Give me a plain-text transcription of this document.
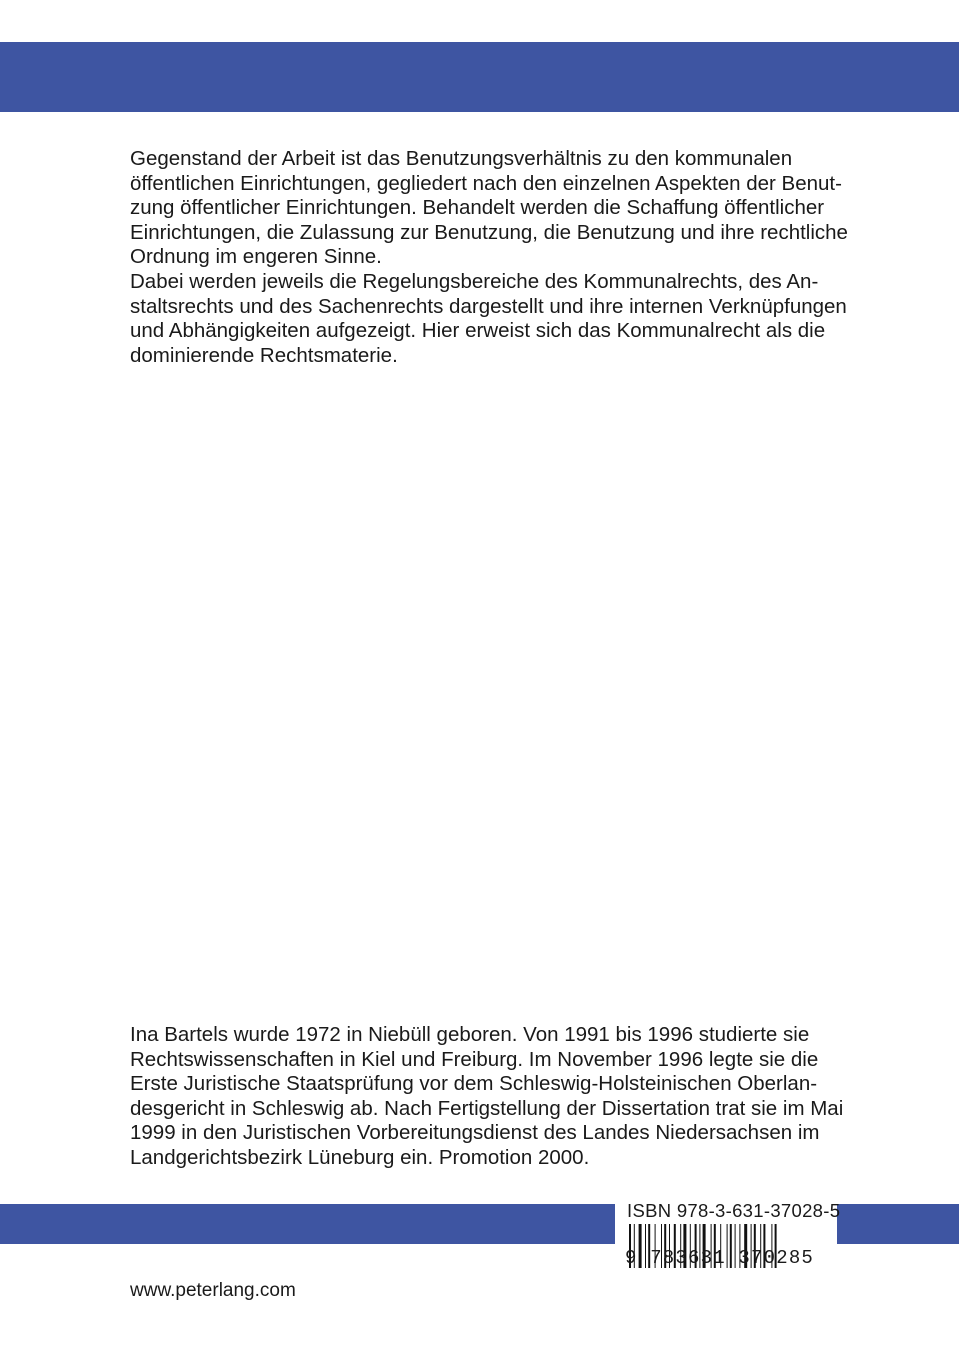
Gegenstand der Arbeit ist das Benutzungsverhältnis zu den kommunalen
öffentlichen Einrichtungen, gegliedert nach den einzelnen Aspekten der Benut-
zung öffentlicher Einrichtungen. Behandelt werden die Schaffung öffentlicher
Einrichtungen, die Zulassung zur Benutzung, die Benutzung und ihre rechtliche
Ordnung im engeren Sinne.
Dabei werden jeweils die Regelungsbereiche des Kommunalrechts, des An-
staltsrechts und des Sachenrechts dargestellt und ihre internen Verknüpfungen
und Abhängigkeiten aufgezeigt. Hier erweist sich das Kommunalrecht als die
dominierende Rechtsmaterie.
Ina Bartels wurde 1972 in Niebüll geboren. Von 1991 bis 1996 studierte sie
Rechtswissenschaften in Kiel und Freiburg. Im November 1996 legte sie die
Erste Juristische Staatsprüfung vor dem Schleswig-Holsteinischen Oberlan-
desgericht in Schleswig ab. Nach Fertigstellung der Dissertation trat sie im Mai
1999 in den Juristischen Vorbereitungsdienst des Landes Niedersachsen im
Landgerichtsbezirk Lüneburg ein. Promotion 2000.
ISBN 978-3-631-37028-5
9 783631 370285
www.peterlang.com
